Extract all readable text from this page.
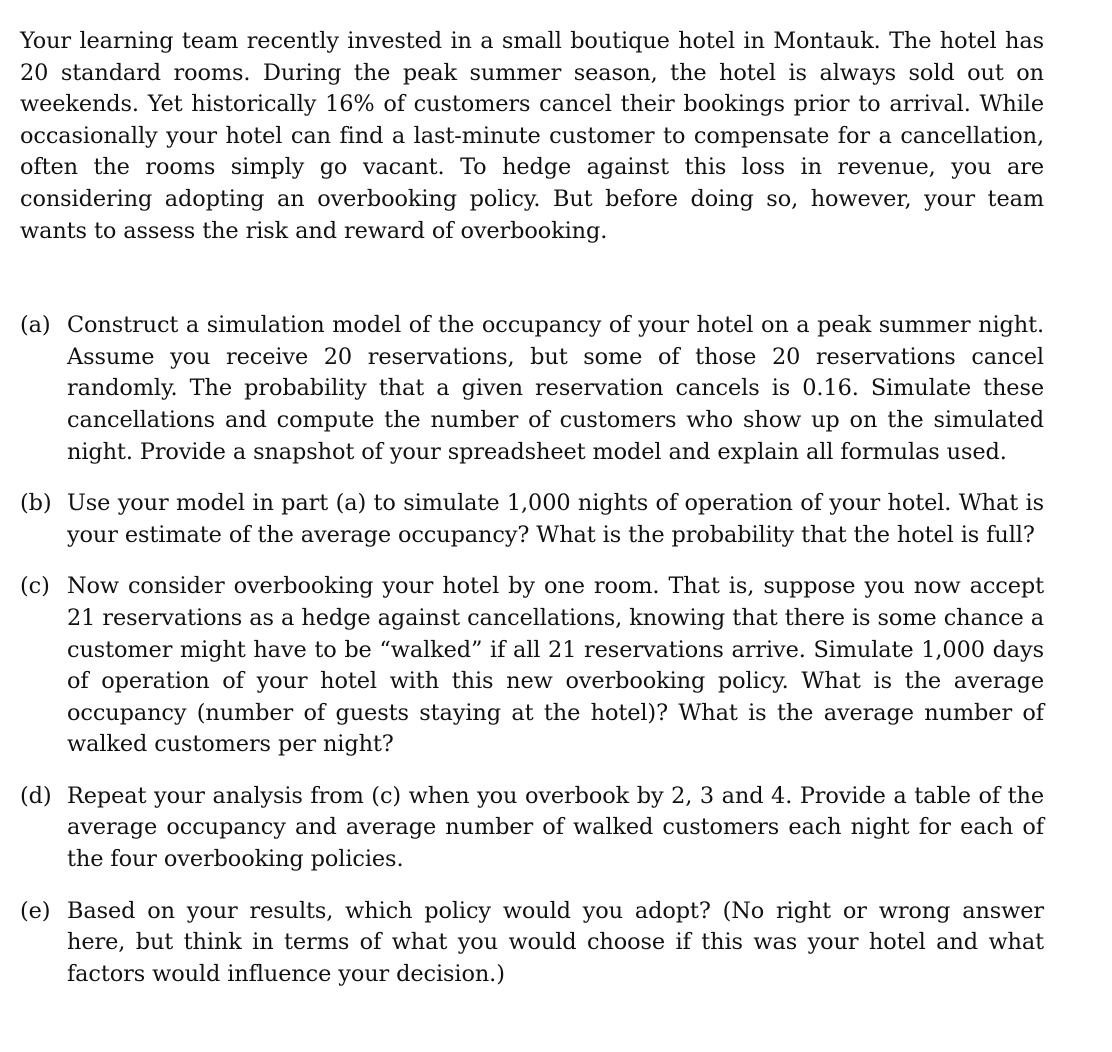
Your learning team recently invested in a small boutique hotel in Montauk. The hotel has 20 standard rooms. During the peak summer season, the hotel is always sold out on weekends. Yet historically 16% of customers cancel their bookings prior to arrival. While occasionally your hotel can find a last-minute customer to compensate for a cancellation, often the rooms simply go vacant. To hedge against this loss in revenue, you are considering adopting an overbooking policy. But before doing so, however, your team wants to assess the risk and reward of overbooking.

(a) Construct a simulation model of the occupancy of your hotel on a peak summer night. Assume you receive 20 reservations, but some of those 20 reservations cancel randomly. The probability that a given reservation cancels is 0.16. Simulate these cancellations and compute the number of customers who show up on the simulated night. Provide a snapshot of your spreadsheet model and explain all formulas used.
(b) Use your model in part (a) to simulate 1,000 nights of operation of your hotel. What is your estimate of the average occupancy? What is the probability that the hotel is full?
(c) Now consider overbooking your hotel by one room. That is, suppose you now accept 21 reservations as a hedge against cancellations, knowing that there is some chance a customer might have to be “walked” if all 21 reservations arrive. Simulate 1,000 days of operation of your hotel with this new overbooking policy. What is the average occupancy (number of guests staying at the hotel)? What is the average number of walked customers per night?
(d) Repeat your analysis from (c) when you overbook by 2, 3 and 4. Provide a table of the average occupancy and average number of walked customers each night for each of the four overbooking policies.
(e) Based on your results, which policy would you adopt? (No right or wrong answer here, but think in terms of what you would choose if this was your hotel and what factors would influence your decision.)
